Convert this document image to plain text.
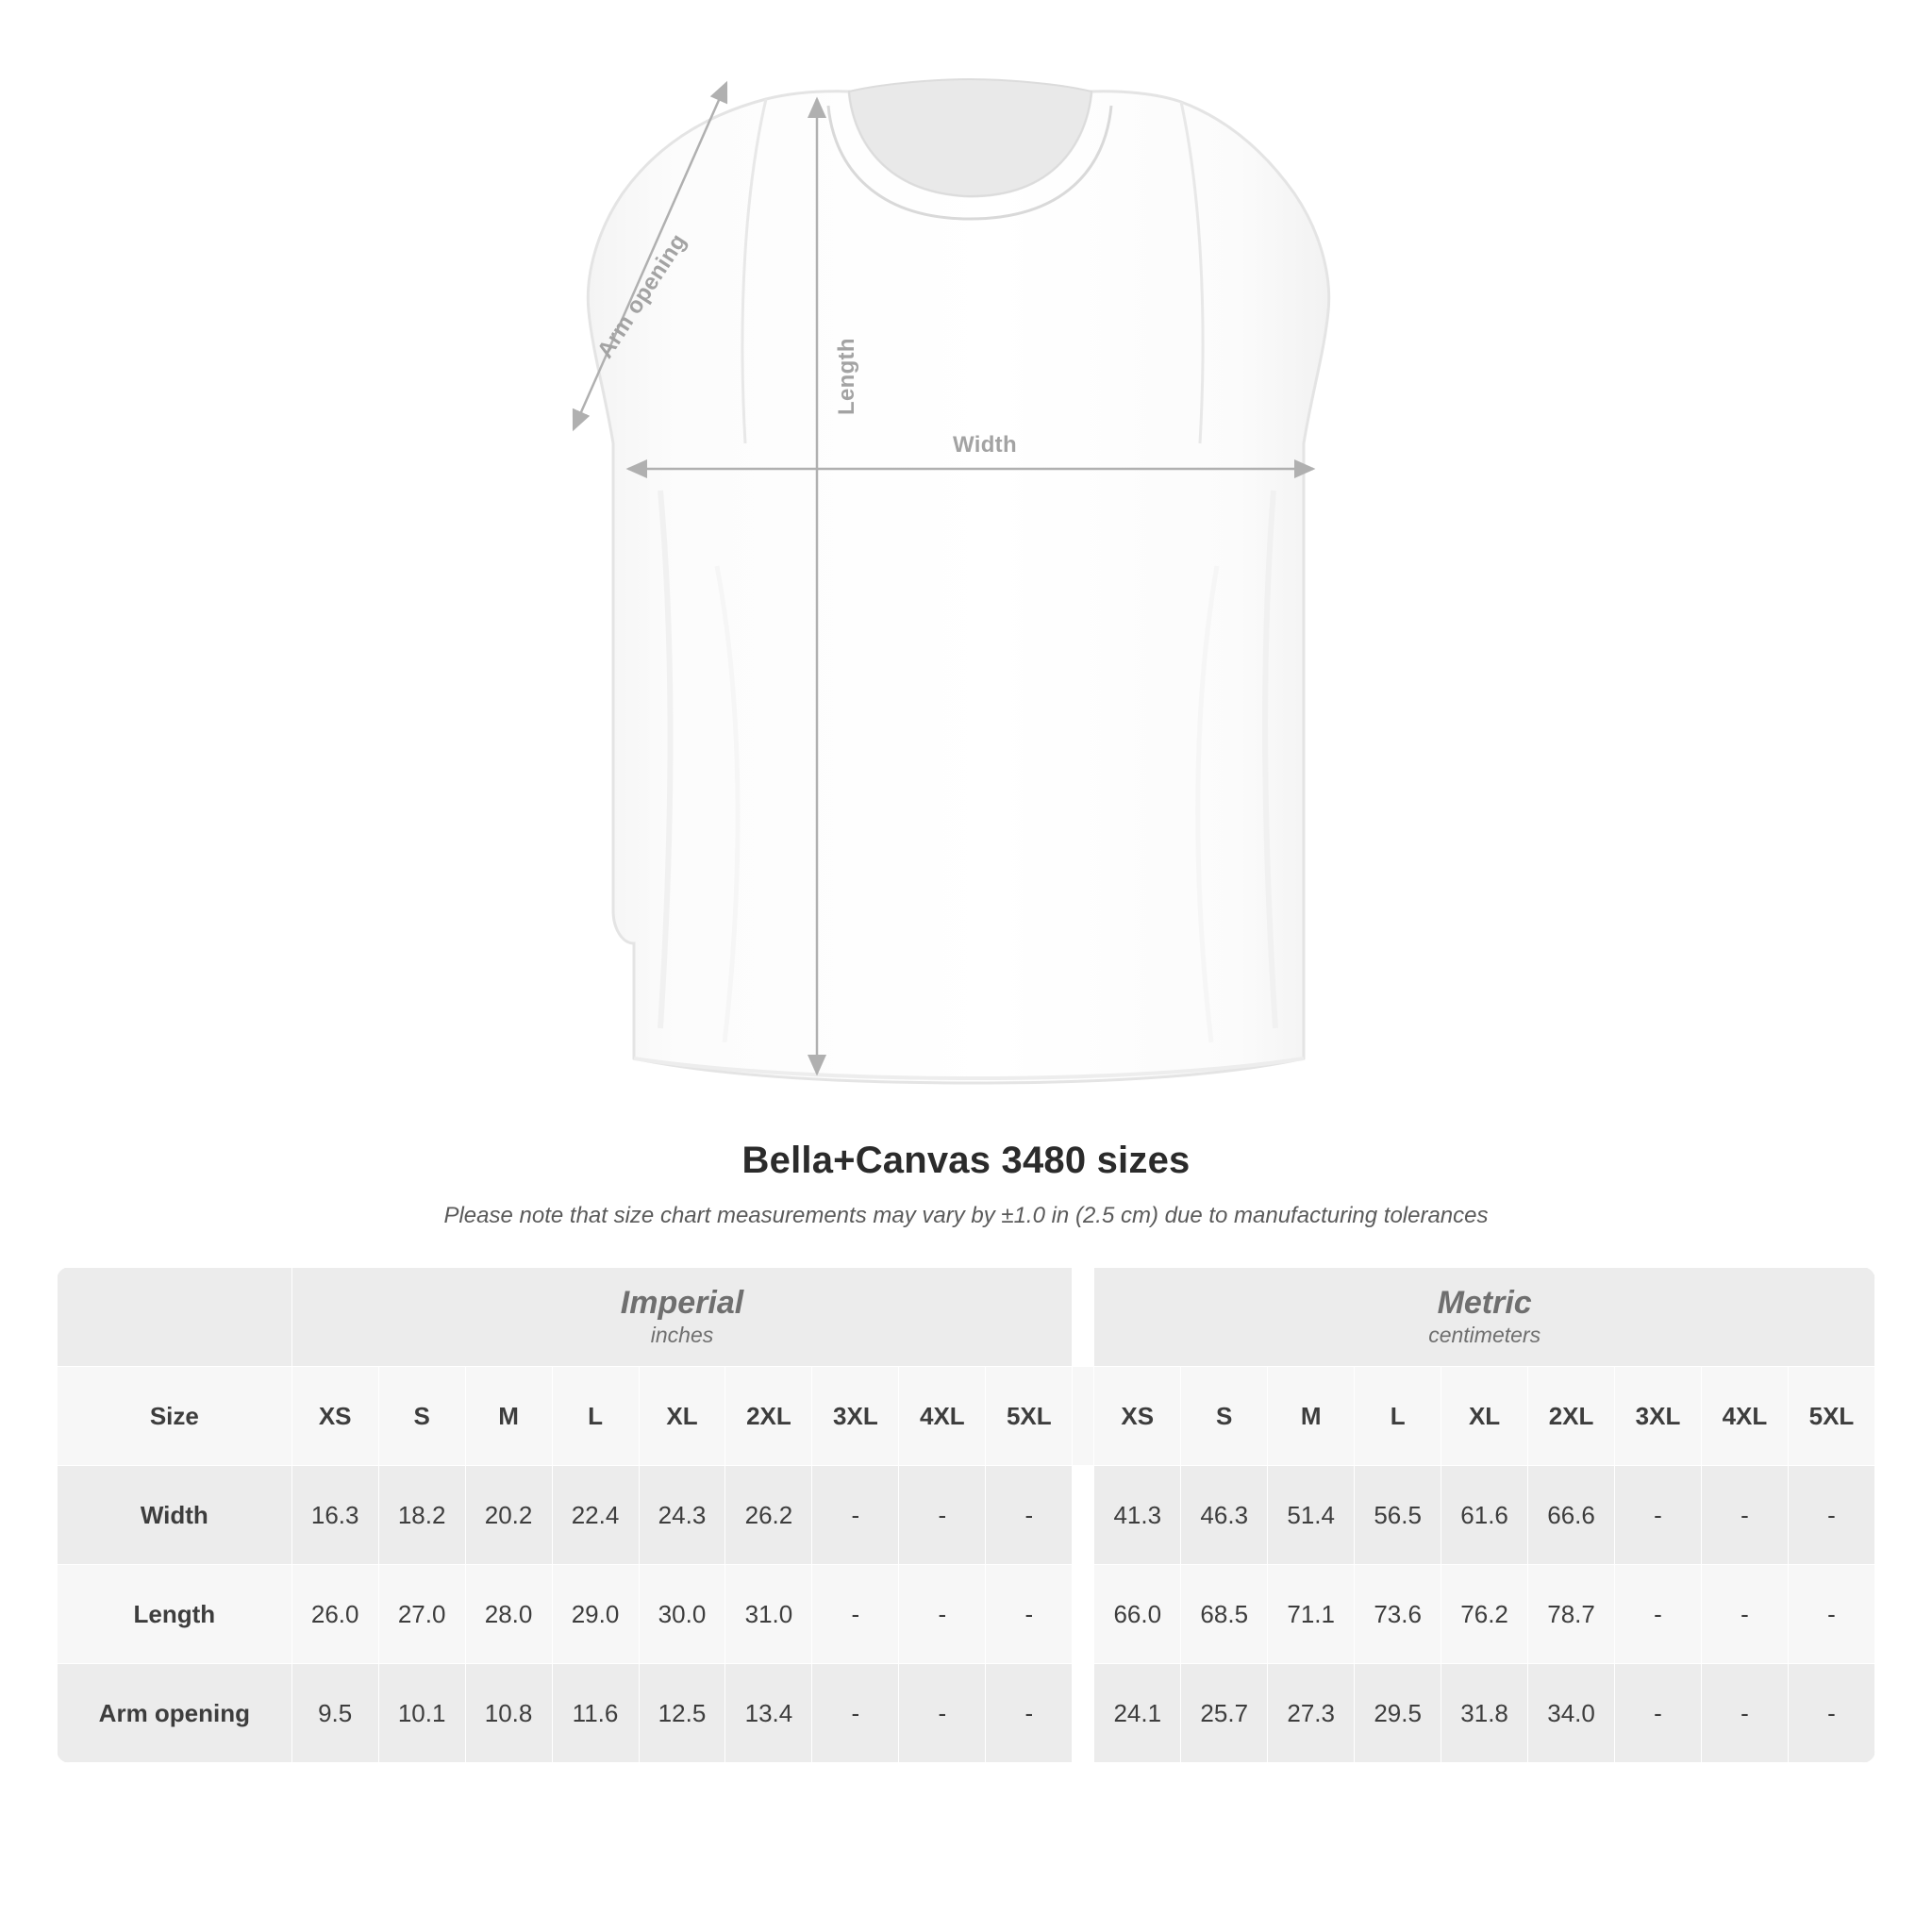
Arm opening
Length
Width
Bella+Canvas 3480 sizes

Please note that size chart measurements may vary by ±1.0 in (2.5 cm) due to manufacturing tolerances

Imperial
inches

Metric
centimeters

Size	XS	S	M	L	XL	2XL	3XL	4XL	5XL		XS	S	M	L	XL	2XL	3XL	4XL	5XL
Width	16.3	18.2	20.2	22.4	24.3	26.2	-	-	-		41.3	46.3	51.4	56.5	61.6	66.6	-	-	-
Length	26.0	27.0	28.0	29.0	30.0	31.0	-	-	-		66.0	68.5	71.1	73.6	76.2	78.7	-	-	-
Arm opening	9.5	10.1	10.8	11.6	12.5	13.4	-	-	-		24.1	25.7	27.3	29.5	31.8	34.0	-	-	-
